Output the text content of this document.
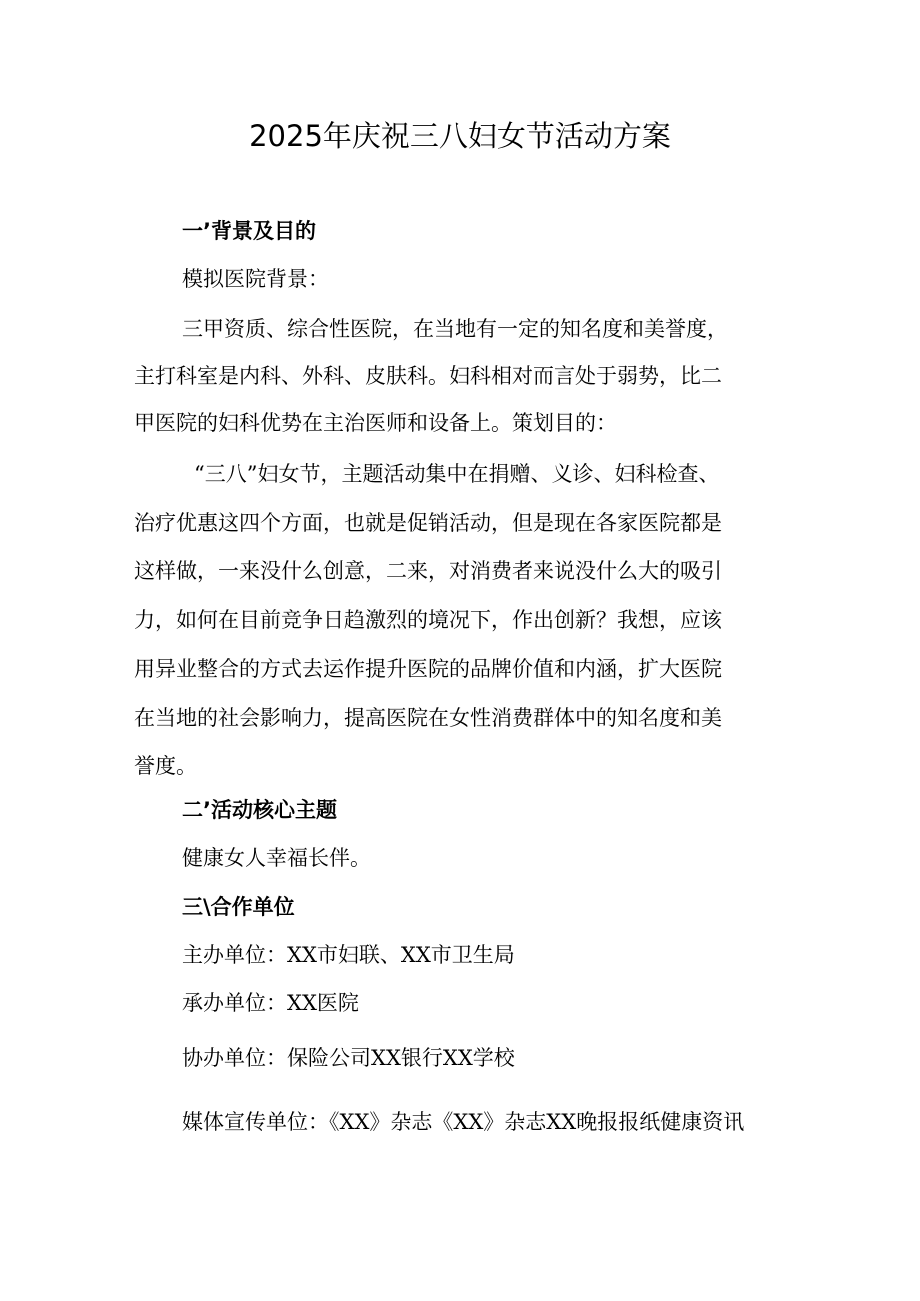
2025年庆祝三八妇女节活动方案
一’背景及目的
模拟医院背景：
三甲资质、综合性医院，在当地有一定的知名度和美誉度，
主打科室是内科、外科、皮肤科。妇科相对而言处于弱势，比二
甲医院的妇科优势在主治医师和设备上。策划目的：
“三八”妇女节，主题活动集中在捐赠、义诊、妇科检查、
治疗优惠这四个方面，也就是促销活动，但是现在各家医院都是
这样做，一来没什么创意，二来，对消费者来说没什么大的吸引
力，如何在目前竞争日趋激烈的境况下，作出创新？我想，应该
用异业整合的方式去运作提升医院的品牌价值和内涵，扩大医院
在当地的社会影响力，提高医院在女性消费群体中的知名度和美
誉度。
二’活动核心主题
健康女人幸福长伴。
三\合作单位
主办单位：XX市妇联、XX市卫生局
承办单位：XX医院
协办单位：保险公司XX银行XX学校
媒体宣传单位：《XX》杂志《XX》杂志XX晚报报纸健康资讯
